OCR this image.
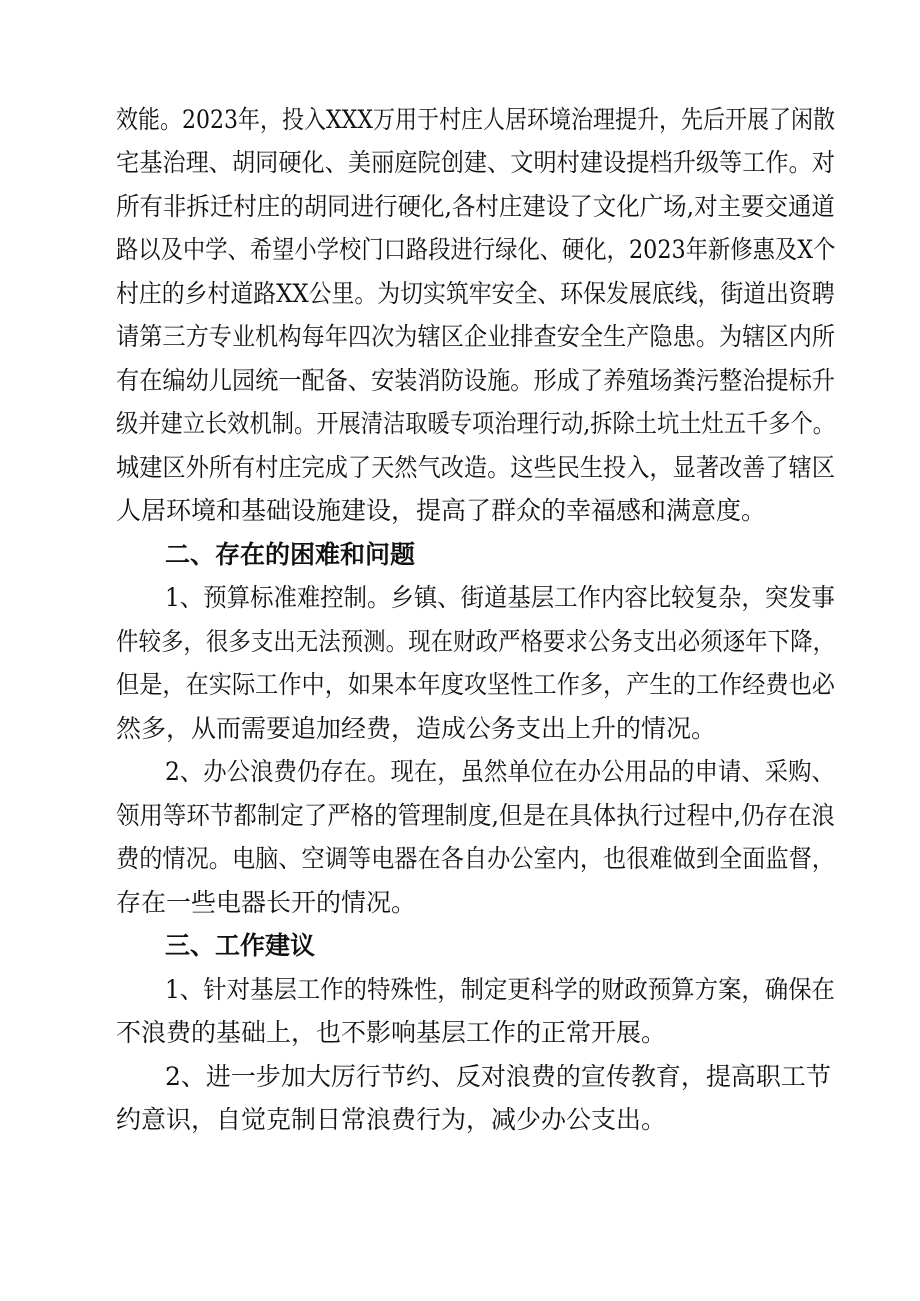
效能。2023年，投入XXX万用于村庄人居环境治理提升，先后开展了闲散
宅基治理、胡同硬化、美丽庭院创建、文明村建设提档升级等工作。对
所有非拆迁村庄的胡同进行硬化,各村庄建设了文化广场,对主要交通道
路以及中学、希望小学校门口路段进行绿化、硬化，2023年新修惠及X个
村庄的乡村道路XX公里。为切实筑牢安全、环保发展底线，街道出资聘
请第三方专业机构每年四次为辖区企业排查安全生产隐患。为辖区内所
有在编幼儿园统一配备、安装消防设施。形成了养殖场粪污整治提标升
级并建立长效机制。开展清洁取暖专项治理行动,拆除土坑土灶五千多个。
城建区外所有村庄完成了天然气改造。这些民生投入，显著改善了辖区
人居环境和基础设施建设，提高了群众的幸福感和满意度。
二、存在的困难和问题
1、预算标准难控制。乡镇、街道基层工作内容比较复杂，突发事
件较多，很多支出无法预测。现在财政严格要求公务支出必须逐年下降，
但是，在实际工作中，如果本年度攻坚性工作多，产生的工作经费也必
然多，从而需要追加经费，造成公务支出上升的情况。
2、办公浪费仍存在。现在，虽然单位在办公用品的申请、采购、
领用等环节都制定了严格的管理制度,但是在具体执行过程中,仍存在浪
费的情况。电脑、空调等电器在各自办公室内，也很难做到全面监督，
存在一些电器长开的情况。
三、工作建议
1、针对基层工作的特殊性，制定更科学的财政预算方案，确保在
不浪费的基础上，也不影响基层工作的正常开展。
2、进一步加大厉行节约、反对浪费的宣传教育，提高职工节
约意识，自觉克制日常浪费行为，减少办公支出。
